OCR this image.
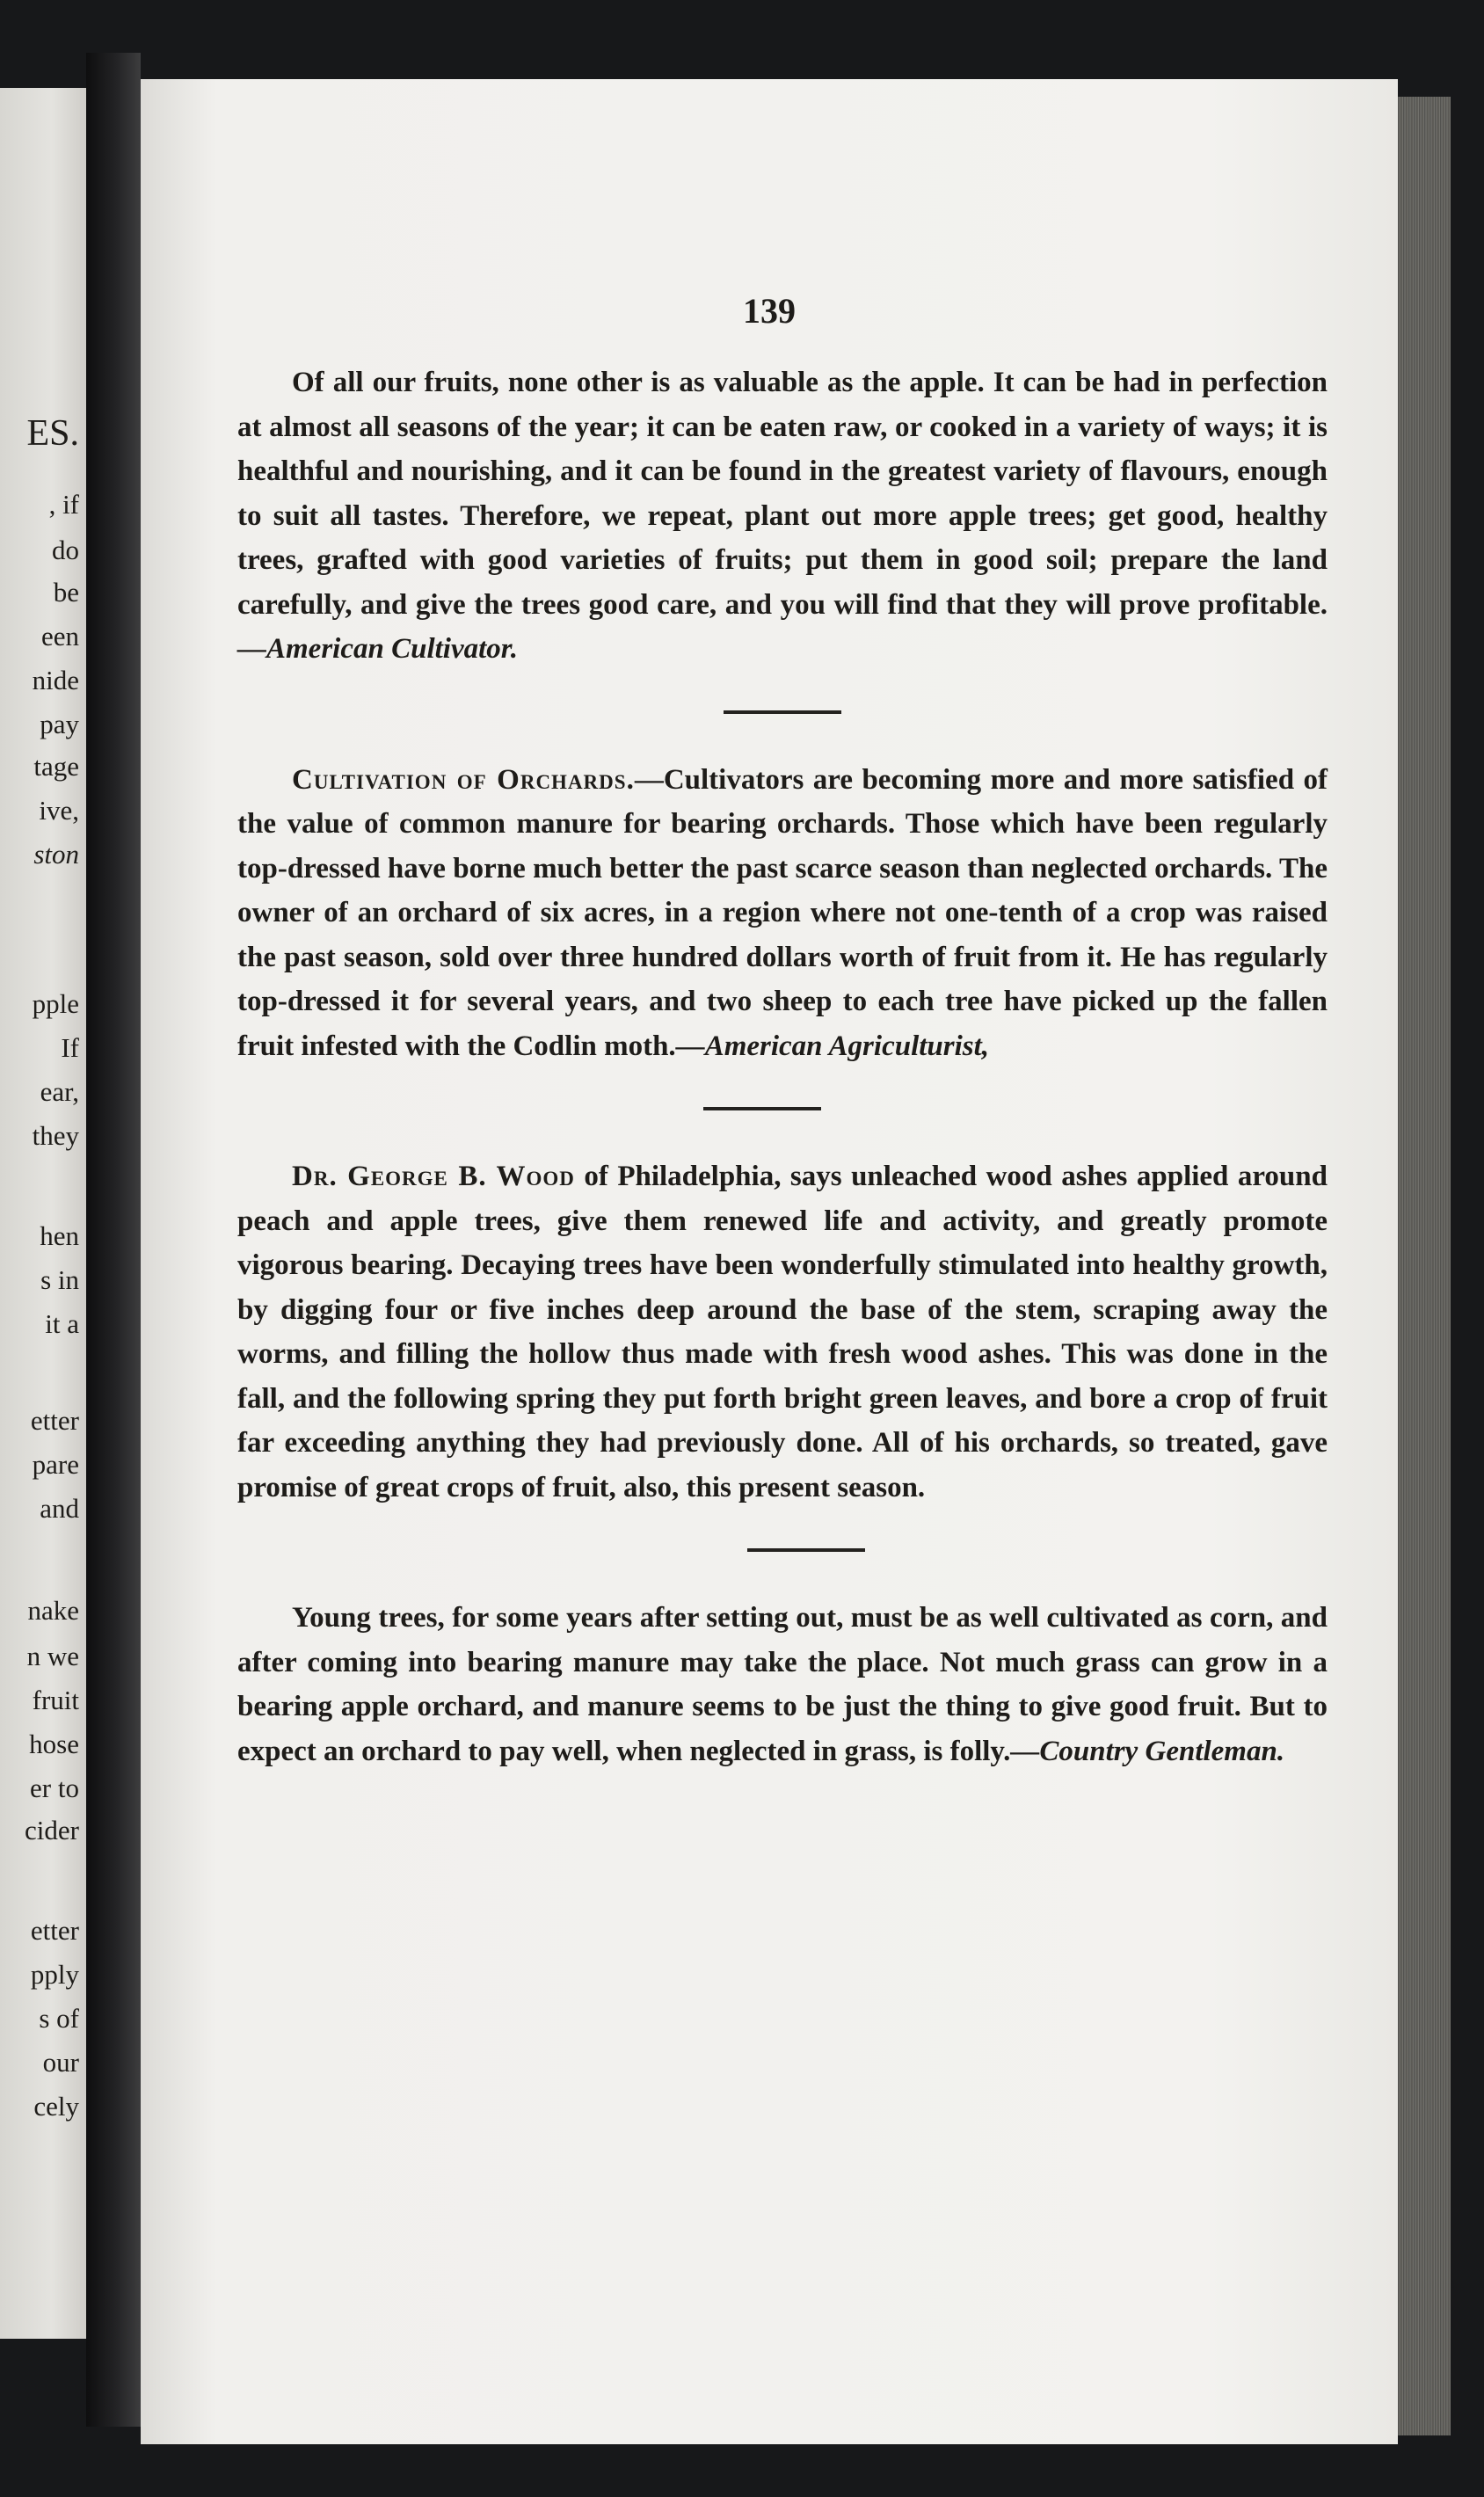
ES.
, if
do
be
een
nide
pay
tage
ive,
ston
pple
If
ear,
they
hen
s in
it a
etter
pare
and
nake
n we
fruit
hose
er to
cider
etter
pply
s of
our
cely
139

Of all our fruits, none other is as valuable as the apple. It can be had in perfection at almost all seasons of the year; it can be eaten raw, or cooked in a variety of ways; it is healthful and nourishing, and it can be found in the greatest variety of flavours, enough to suit all tastes. Therefore, we repeat, plant out more apple trees; get good, healthy trees, grafted with good varieties of fruits; put them in good soil; prepare the land carefully, and give the trees good care, and you will find that they will prove profitable.—American Cultivator.

Cultivation of Orchards.—Cultivators are becoming more and more satisfied of the value of common manure for bearing orchards. Those which have been regularly top-dressed have borne much better the past scarce season than neglected orchards. The owner of an orchard of six acres, in a region where not one-tenth of a crop was raised the past season, sold over three hundred dollars worth of fruit from it. He has regularly top-dressed it for several years, and two sheep to each tree have picked up the fallen fruit infested with the Codlin moth.—American Agriculturist,

Dr. George B. Wood of Philadelphia, says unleached wood ashes applied around peach and apple trees, give them renewed life and activity, and greatly promote vigorous bearing. Decaying trees have been wonderfully stimulated into healthy growth, by digging four or five inches deep around the base of the stem, scraping away the worms, and filling the hollow thus made with fresh wood ashes. This was done in the fall, and the following spring they put forth bright green leaves, and bore a crop of fruit far exceeding anything they had previously done. All of his orchards, so treated, gave promise of great crops of fruit, also, this present season.

Young trees, for some years after setting out, must be as well cultivated as corn, and after coming into bearing manure may take the place. Not much grass can grow in a bearing apple orchard, and manure seems to be just the thing to give good fruit. But to expect an orchard to pay well, when neglected in grass, is folly.—Country Gentleman.
